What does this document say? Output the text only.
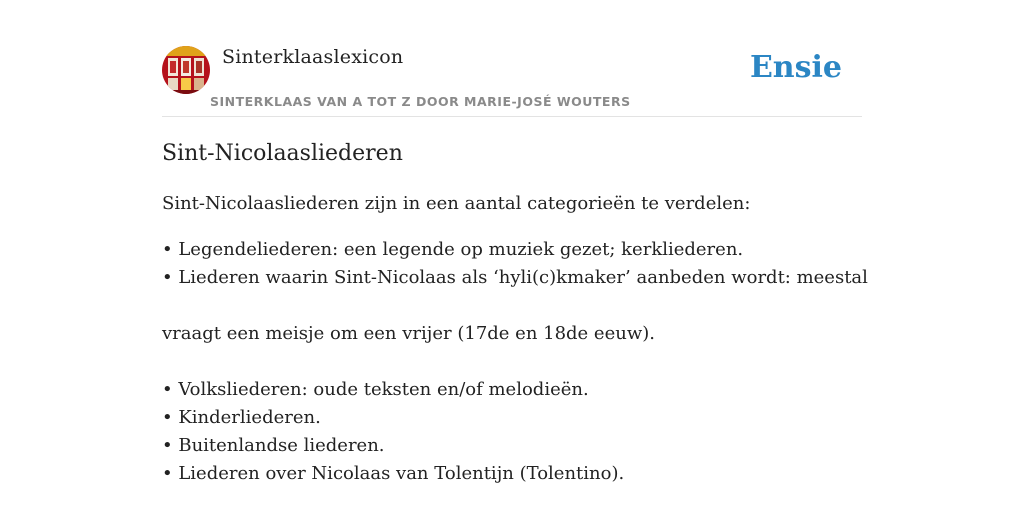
Sinterklaaslexicon
SINTERKLAAS VAN A TOT Z DOOR MARIE-JOSÉ WOUTERS
Ensie
Sint-Nicolaasliederen
Sint-Nicolaasliederen zijn in een aantal categorieën te verdelen:
• Legendeliederen: een legende op muziek gezet; kerkliederen.
• Liederen waarin Sint-Nicolaas als ‘hyli(c)kmaker’ aanbeden wordt: meestal
vraagt een meisje om een vrijer (17de en 18de eeuw).
• Volksliederen: oude teksten en/of melodieën.
• Kinderliederen.
• Buitenlandse liederen.
• Liederen over Nicolaas van Tolentijn (Tolentino).
